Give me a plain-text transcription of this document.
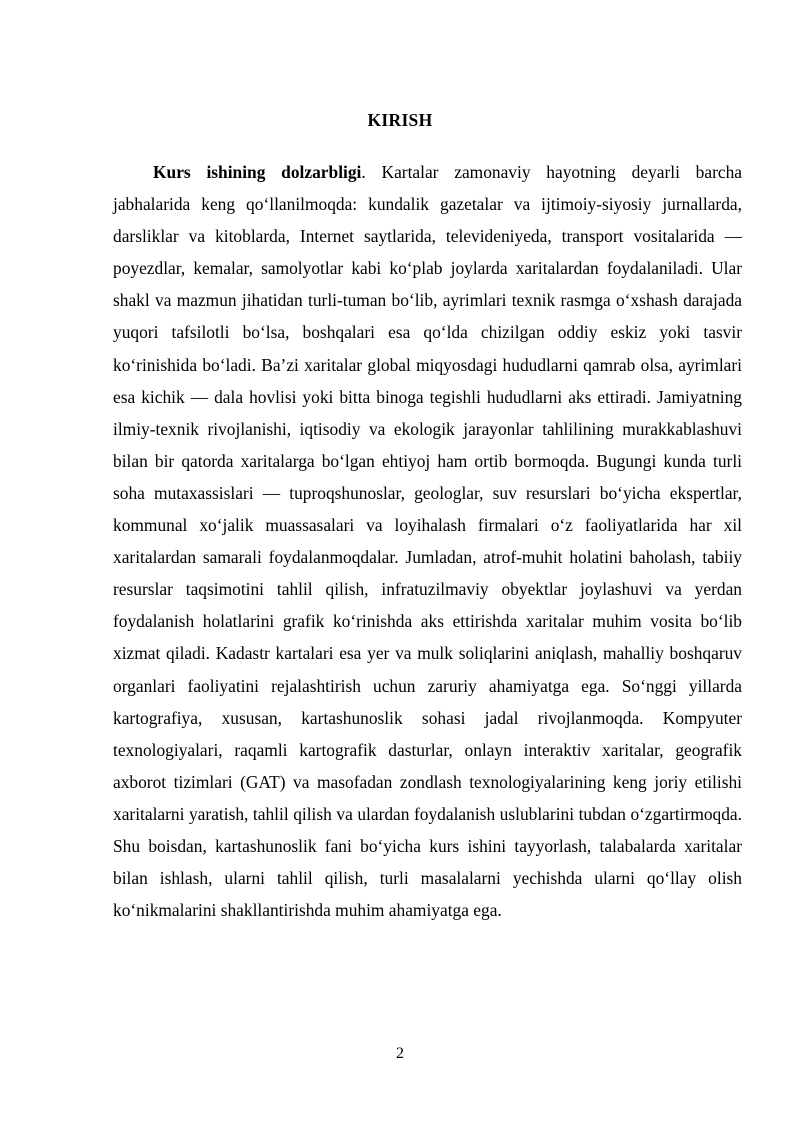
KIRISH

Kurs ishining dolzarbligi. Kartalar zamonaviy hayotning deyarli barcha jabhalarida keng qo‘llanilmoqda: kundalik gazetalar va ijtimoiy-siyosiy jurnallarda, darsliklar va kitoblarda, Internet saytlarida, televideniyeda, transport vositalarida — poyezdlar, kemalar, samolyotlar kabi ko‘plab joylarda xaritalardan foydalaniladi. Ular shakl va mazmun jihatidan turli-tuman bo‘lib, ayrimlari texnik rasmga o‘xshash darajada yuqori tafsilotli bo‘lsa, boshqalari esa qo‘lda chizilgan oddiy eskiz yoki tasvir ko‘rinishida bo‘ladi. Ba’zi xaritalar global miqyosdagi hududlarni qamrab olsa, ayrimlari esa kichik — dala hovlisi yoki bitta binoga tegishli hududlarni aks ettiradi. Jamiyatning ilmiy-texnik rivojlanishi, iqtisodiy va ekologik jarayonlar tahlilining murakkablashuvi bilan bir qatorda xaritalarga bo‘lgan ehtiyoj ham ortib bormoqda. Bugungi kunda turli soha mutaxassislari — tuproqshunoslar, geologlar, suv resurslari bo‘yicha ekspertlar, kommunal xo‘jalik muassasalari va loyihalash firmalari o‘z faoliyatlarida har xil xaritalardan samarali foydalanmoqdalar. Jumladan, atrof-muhit holatini baholash, tabiiy resurslar taqsimotini tahlil qilish, infratuzilmaviy obyektlar joylashuvi va yerdan foydalanish holatlarini grafik ko‘rinishda aks ettirishda xaritalar muhim vosita bo‘lib xizmat qiladi. Kadastr kartalari esa yer va mulk soliqlarini aniqlash, mahalliy boshqaruv organlari faoliyatini rejalashtirish uchun zaruriy ahamiyatga ega. So‘nggi yillarda kartografiya, xususan, kartashunoslik sohasi jadal rivojlanmoqda. Kompyuter texnologiyalari, raqamli kartografik dasturlar, onlayn interaktiv xaritalar, geografik axborot tizimlari (GAT) va masofadan zondlash texnologiyalarining keng joriy etilishi xaritalarni yaratish, tahlil qilish va ulardan foydalanish uslublarini tubdan o‘zgartirmoqda. Shu boisdan, kartashunoslik fani bo‘yicha kurs ishini tayyorlash, talabalarda xaritalar bilan ishlash, ularni tahlil qilish, turli masalalarni yechishda ularni qo‘llay olish ko‘nikmalarini shakllantirishda muhim ahamiyatga ega.

2
